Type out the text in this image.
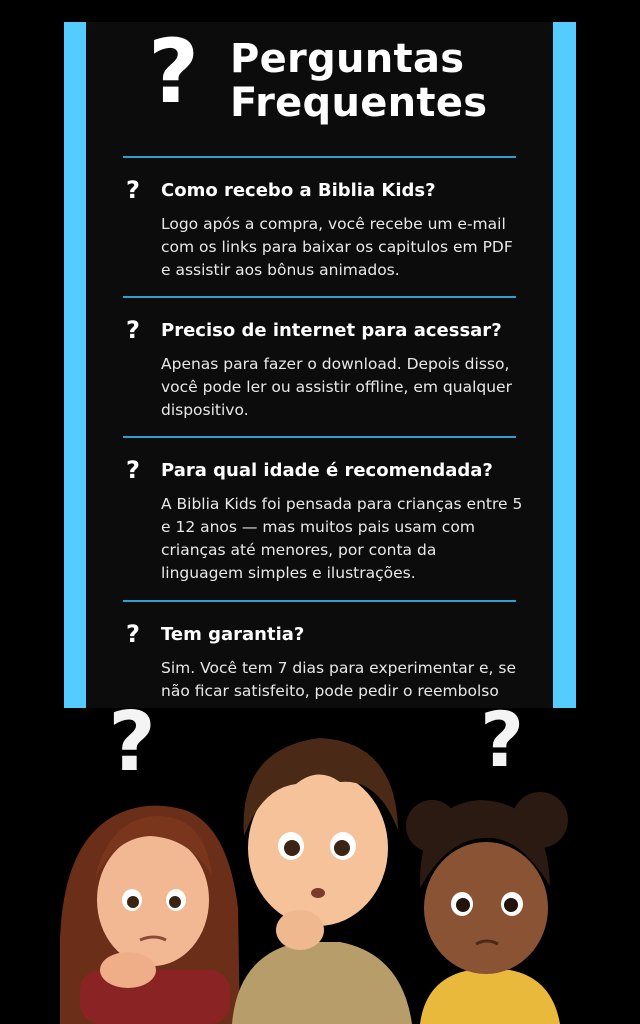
? Perguntas Frequentes
? Como recebo a Biblia Kids?
Logo após a compra, você recebe um e-mail com os links para baixar os capitulos em PDF e assistir aos bônus animados.
? Preciso de internet para acessar?
Apenas para fazer o download. Depois disso, você pode ler ou assistir offline, em qualquer dispositivo.
? Para qual idade é recomendada?
A Biblia Kids foi pensada para crianças entre 5 e 12 anos — mas muitos pais usam com crianças até menores, por conta da linguagem simples e ilustrações.
? Tem garantia?
Sim. Você tem 7 dias para experimentar e, se não ficar satisfeito, pode pedir o reembolso
?	?
